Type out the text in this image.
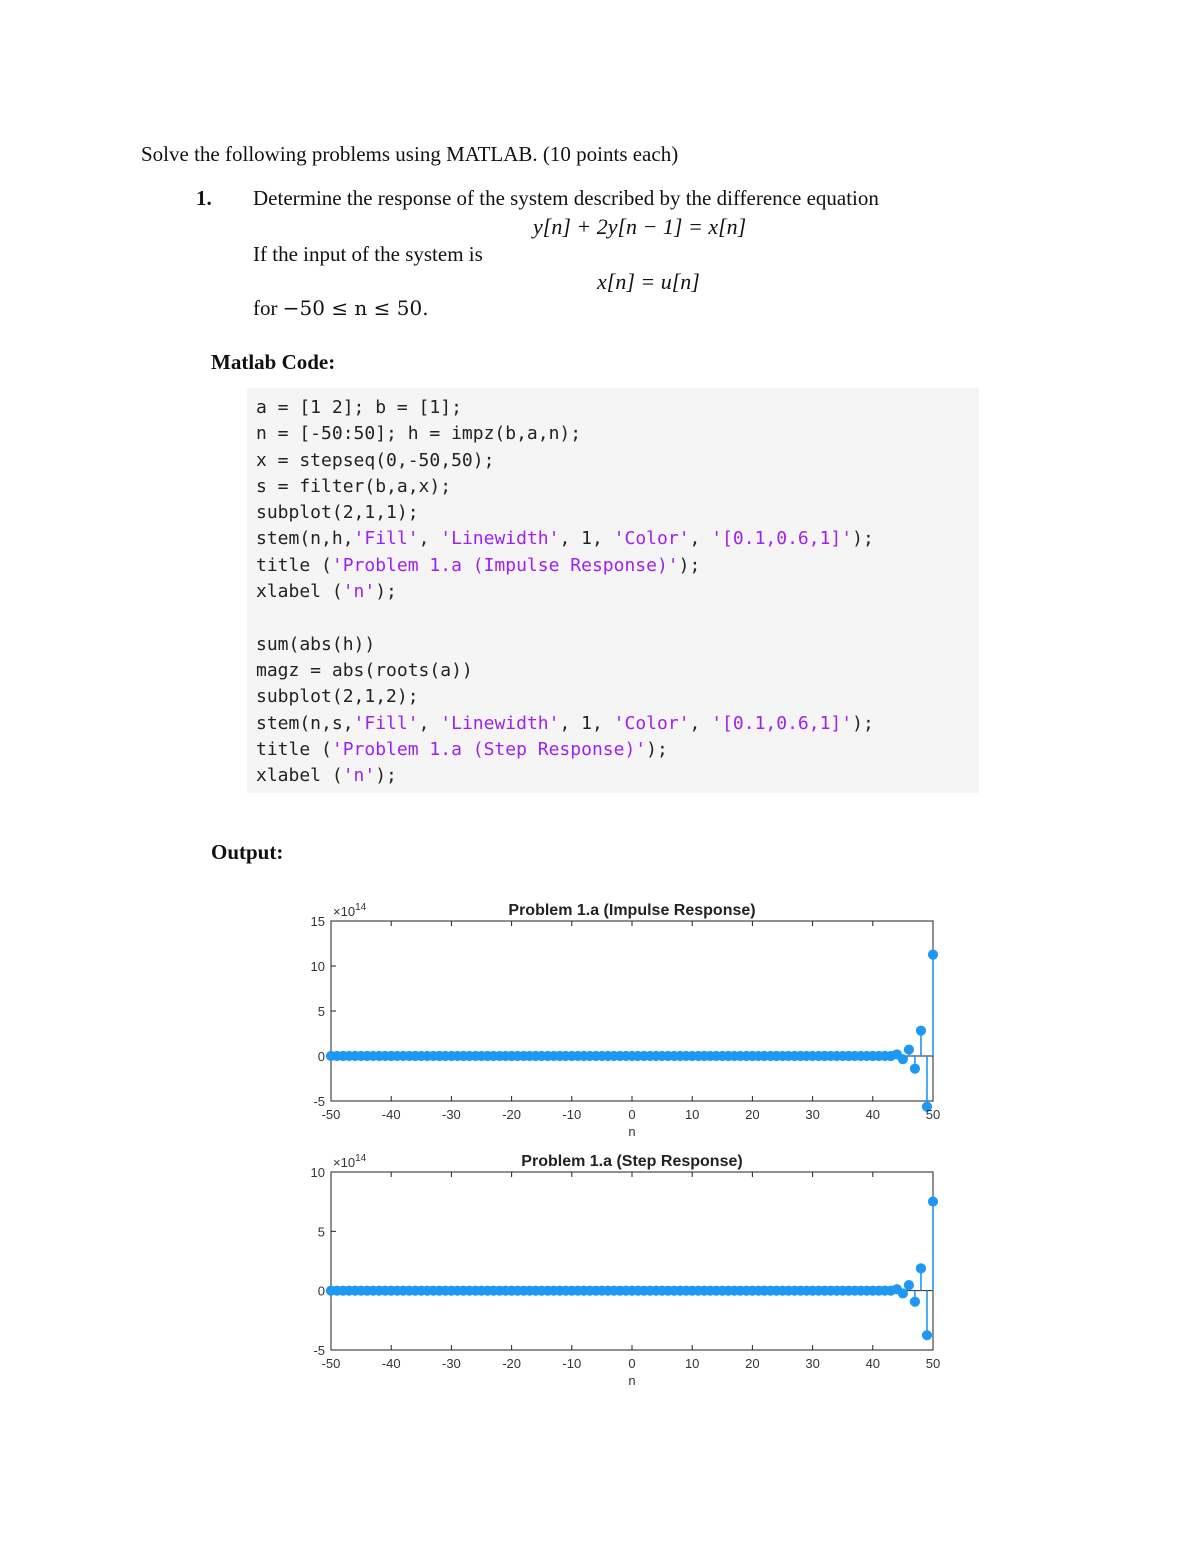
Solve the following problems using MATLAB. (10 points each)
1. Determine the response of the system described by the difference equation
y[n] + 2y[n − 1] = x[n]
If the input of the system is
x[n] = u[n]
for −50 ≤ n ≤ 50.
Matlab Code:
a = [1 2]; b = [1];
n = [-50:50]; h = impz(b,a,n);
x = stepseq(0,-50,50);
s = filter(b,a,x);
subplot(2,1,1);
stem(n,h,'Fill', 'Linewidth', 1, 'Color', '[0.1,0.6,1]');
title ('Problem 1.a (Impulse Response)');
xlabel ('n');

sum(abs(h))
magz = abs(roots(a))
subplot(2,1,2);
stem(n,s,'Fill', 'Linewidth', 1, 'Color', '[0.1,0.6,1]');
title ('Problem 1.a (Step Response)');
xlabel ('n');
Output:
$\times 10^{14}$	Problem 1.a (Impulse Response)
-50	-40	-30	-20	-10	0	10	20	30	40	50
-5
0
5
10
15
n
$\times 10^{14}$	Problem 1.a (Step Response)
-50	-40	-30	-20	-10	0	10	20	30	40	50
-5
0
5
10
n
